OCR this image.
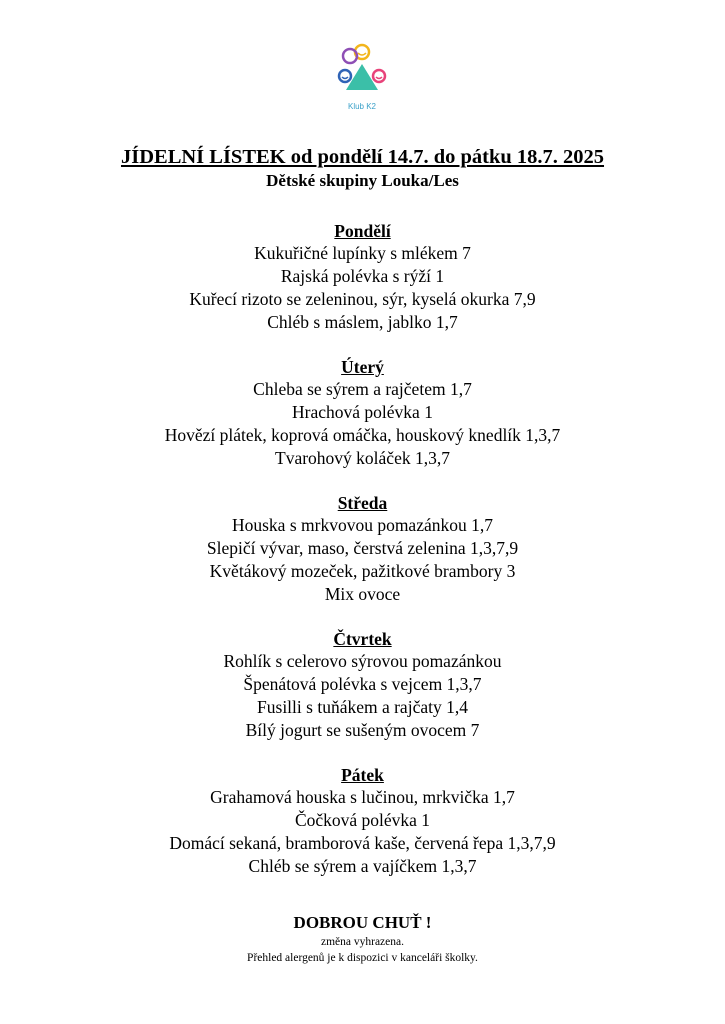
Klub K2
JÍDELNÍ LÍSTEK od pondělí 14.7. do pátku 18.7. 2025
Dětské skupiny Louka/Les
Pondělí
Kukuřičné lupínky s mlékem 7
Rajská polévka s rýží 1
Kuřecí rizoto se zeleninou, sýr, kyselá okurka 7,9
Chléb s máslem, jablko 1,7
Úterý
Chleba se sýrem a rajčetem 1,7
Hrachová polévka 1
Hovězí plátek, koprová omáčka, houskový knedlík 1,3,7
Tvarohový koláček 1,3,7
Středa
Houska s mrkvovou pomazánkou 1,7
Slepičí vývar, maso, čerstvá zelenina 1,3,7,9
Květákový mozeček, pažitkové brambory 3
Mix ovoce
Čtvrtek
Rohlík s celerovo sýrovou pomazánkou
Špenátová polévka s vejcem 1,3,7
Fusilli s tuňákem a rajčaty 1,4
Bílý jogurt se sušeným ovocem 7
Pátek
Grahamová houska s lučinou, mrkvička 1,7
Čočková polévka 1
Domácí sekaná, bramborová kaše, červená řepa 1,3,7,9
Chléb se sýrem a vajíčkem 1,3,7
DOBROU CHUŤ !
změna vyhrazena.
Přehled alergenů je k dispozici v kanceláři školky.
